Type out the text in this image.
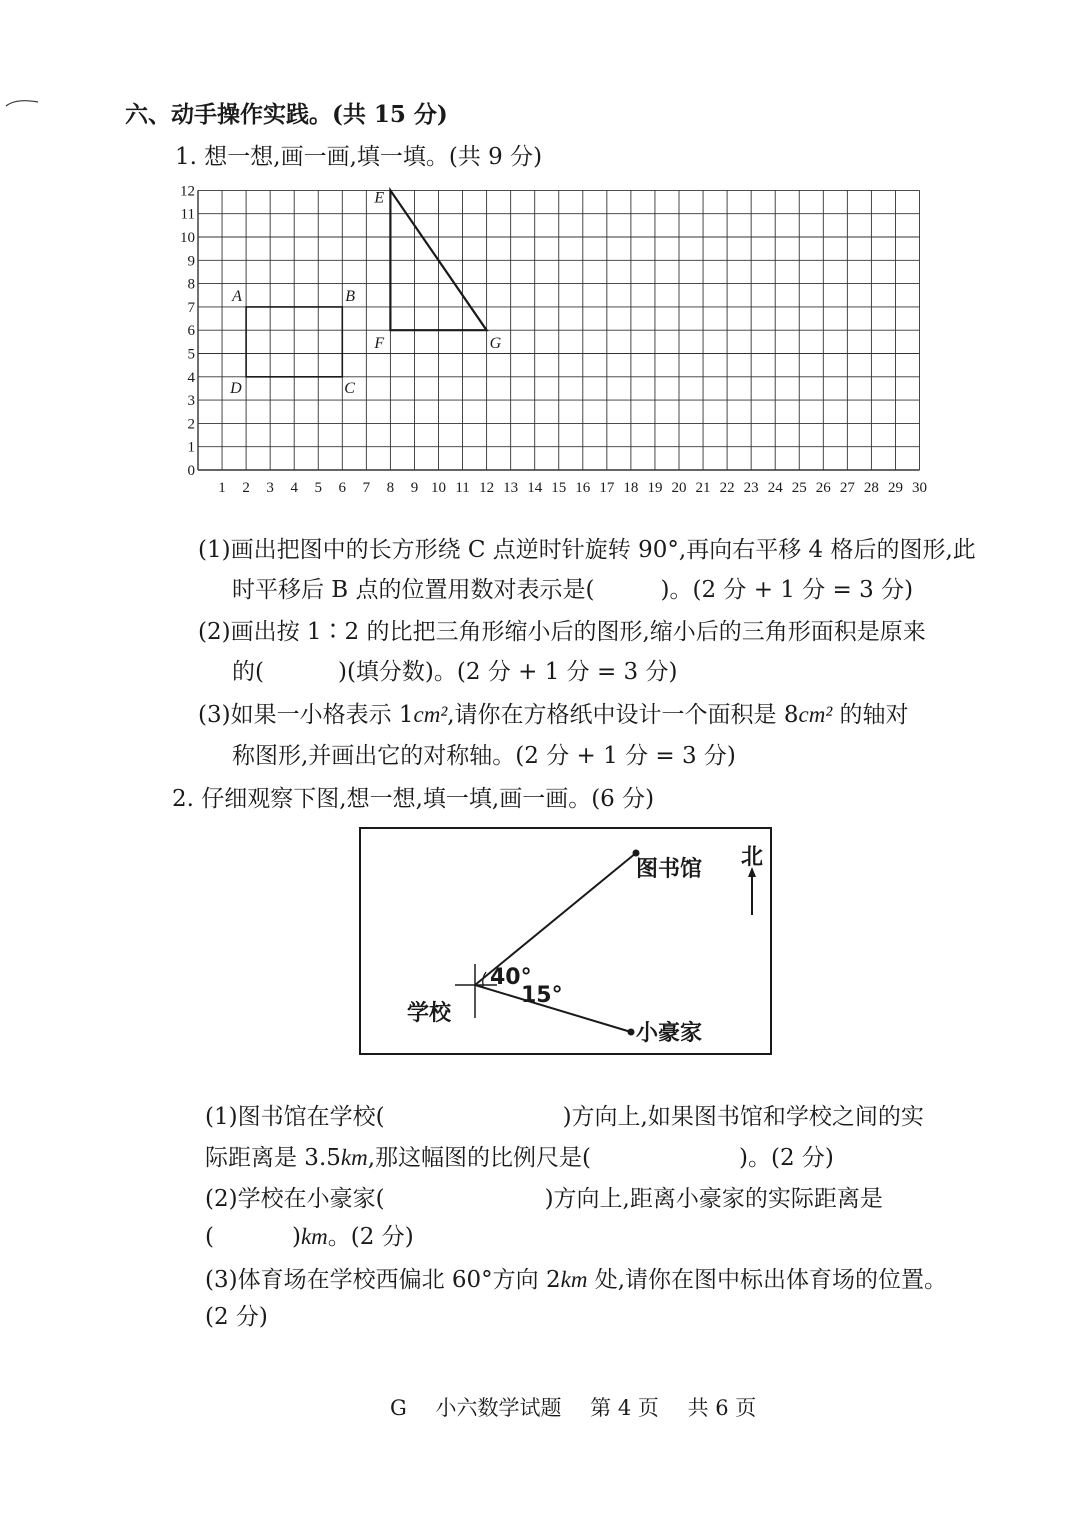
六、动手操作实践。(共 15 分)
1. 想一想,画一画,填一填。(共 9 分)
1 2 3 4 5 6 7 8 9 10 11 12 13 14 15 16 17 18 19 20 21 22 23 24 25 26 27 28 29 30
0
1
2
3
4
5
6
7
8
9
10
11
12
A	B
C
D
E
F	G
(1)画出把图中的长方形绕 C 点逆时针旋转 90°,再向右平移 4 格后的图形,此
时平移后 B 点的位置用数对表示是(	)。(2 分 + 1 分 = 3 分)
(2)画出按 1∶2 的比把三角形缩小后的图形,缩小后的三角形面积是原来
的(	)(填分数)。(2 分 + 1 分 = 3 分)
(3)如果一小格表示 1cm²,请你在方格纸中设计一个面积是 8cm² 的轴对
称图形,并画出它的对称轴。(2 分 + 1 分 = 3 分)
2. 仔细观察下图,想一想,填一填,画一画。(6 分)
北
40°
15°
图书馆
学校
小豪家
(1)图书馆在学校(	)方向上,如果图书馆和学校之间的实
际距离是 3.5km,那这幅图的比例尺是(	)。(2 分)
(2)学校在小豪家(	)方向上,距离小豪家的实际距离是
(	)km。(2 分)
(3)体育场在学校西偏北 60°方向 2km 处,请你在图中标出体育场的位置。
(2 分)
G 小六数学试题 第 4 页 共 6 页
